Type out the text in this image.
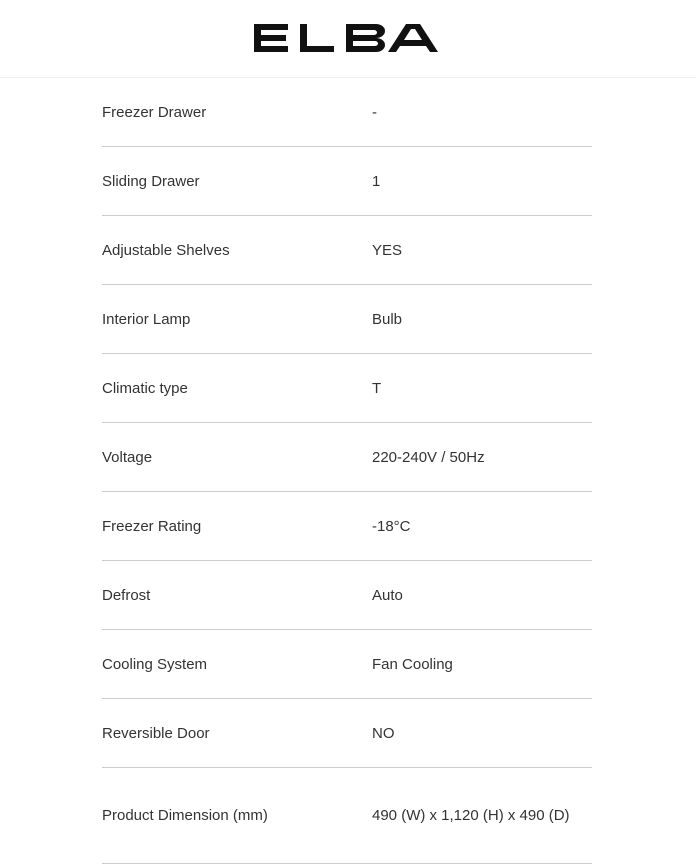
Freezer Drawer	-
Sliding Drawer	1
Adjustable Shelves	YES
Interior Lamp	Bulb
Climatic type	T
Voltage	220-240V / 50Hz
Freezer Rating	-18°C
Defrost	Auto
Cooling System	Fan Cooling
Reversible Door	NO
Product Dimension (mm)	490 (W) x 1,120 (H) x 490 (D)
